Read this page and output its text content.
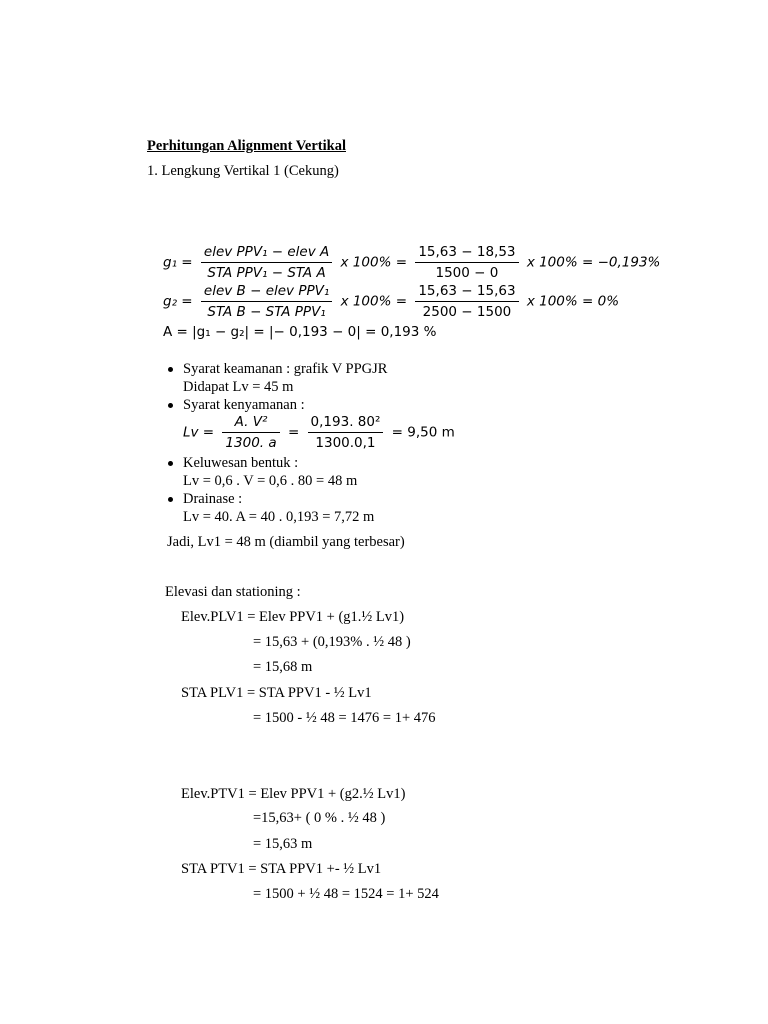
Perhitungan Alignment Vertikal
1. Lengkung Vertikal 1 (Cekung)
$g_1 = \frac{\text{elev PPV₁ − elev A}}{\text{STA PPV₁ − STA A}}$ x $100\% = \frac{15,63 - 18,53}{1500 - 0}$ x 100% = −0,193%
$g_2 = \frac{\text{elev B − elev PPV₁}}{\text{STA B − STA PPV₁}}$ x $100\% = \frac{15,63 - 15,63}{2500 - 1500}$ x 100% = 0%
A = |g₁ − g₂| = |− 0,193 − 0| = 0,193 %
Syarat keamanan : grafik V PPGJR
Didapat Lv = 45 m
Syarat kenyamanan :
$Lv = \frac{\text{A. V²}}{1300. a} = \frac{\text{0,193. 80²}}{1300.0,1} = 9,50$ m
Keluwesan bentuk :
Lv = 0,6 . V = 0,6 . 80 = 48 m
Drainase :
Lv = 40. A = 40 . 0,193 = 7,72 m
Jadi, Lv1 = 48 m (diambil yang terbesar)
Elevasi dan stationing :
Elev.PLV1 = Elev PPV1 + (g1.½ Lv1)
= 15,63 + (0,193% . ½ 48 )
= 15,68 m
STA PLV1 = STA PPV1 - ½ Lv1
= 1500 - ½ 48 = 1476 = 1+ 476
Elev.PTV1 = Elev PPV1 + (g2.½ Lv1)
=15,63+ ( 0 % . ½ 48 )
= 15,63 m
STA PTV1 = STA PPV1 +- ½ Lv1
= 1500 + ½ 48 = 1524 = 1+ 524
